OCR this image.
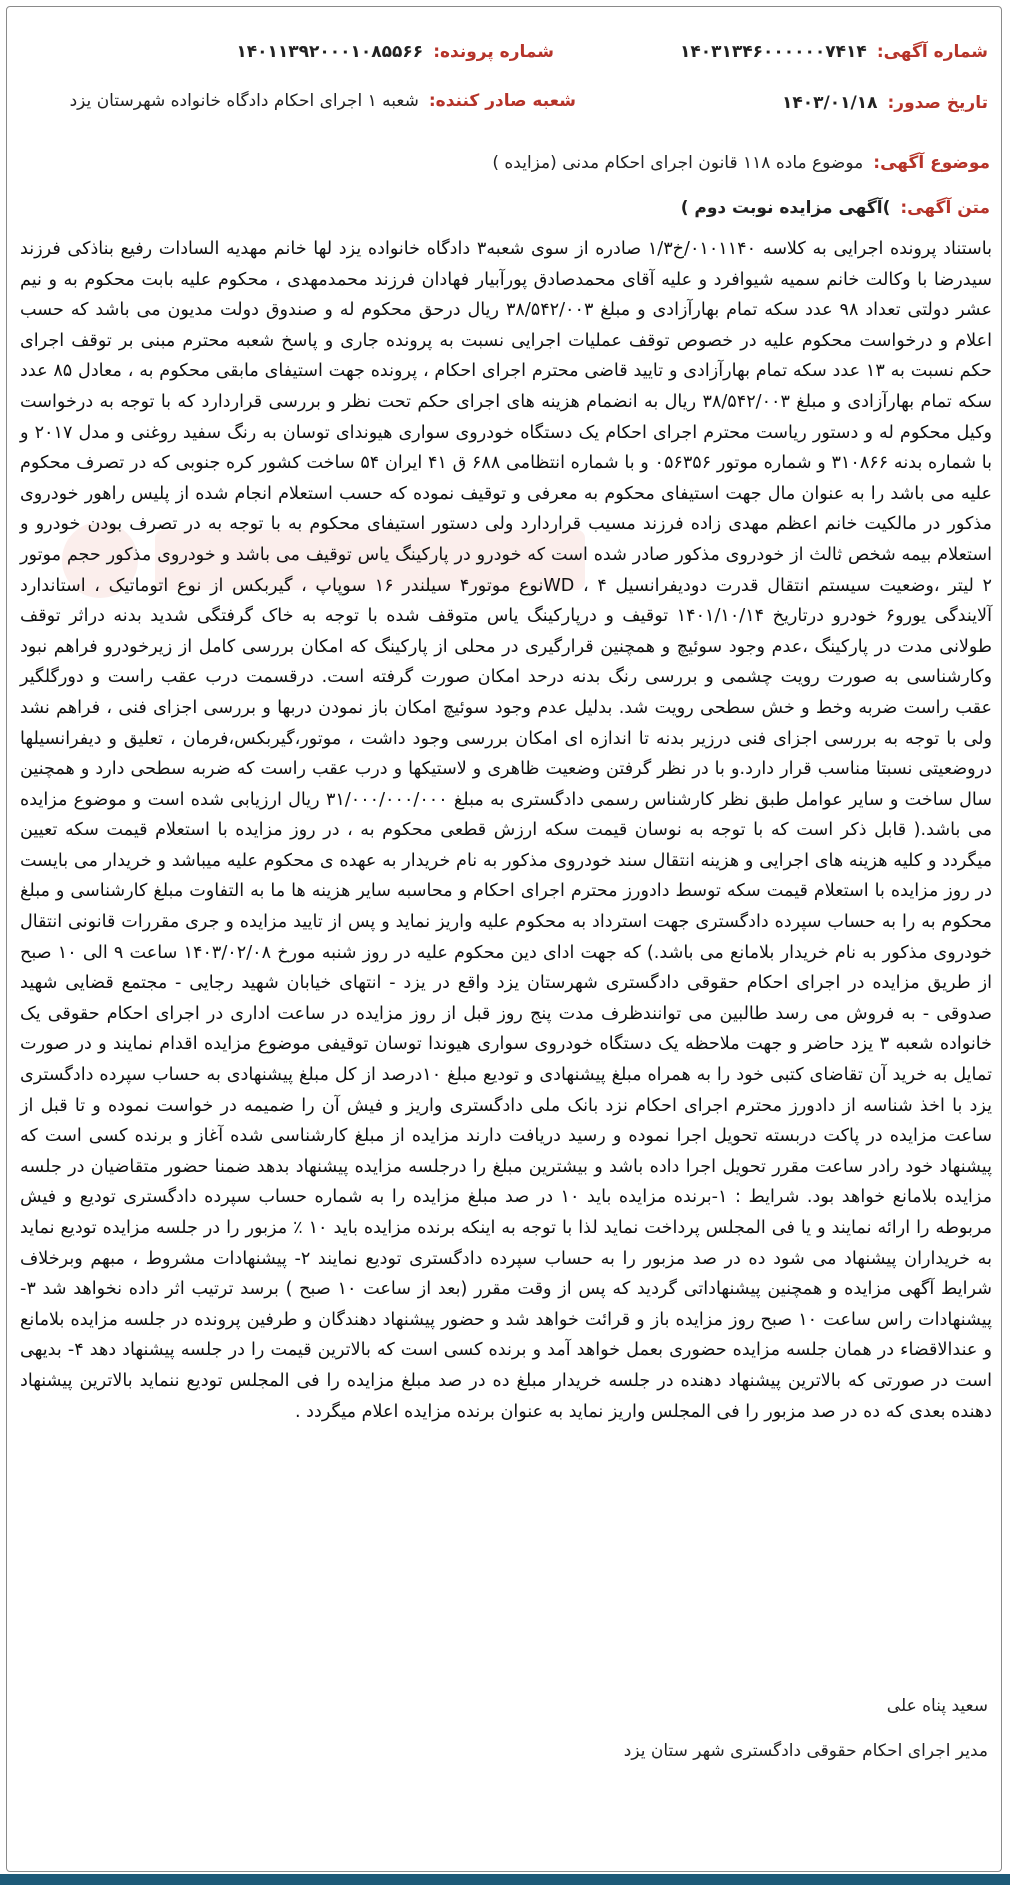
شماره آگهی:۱۴۰۳۱۳۴۶۰۰۰۰۰۰۷۴۱۴
شماره پرونده:۱۴۰۱۱۳۹۲۰۰۰۱۰۸۵۵۶۶
تاریخ صدور:۱۴۰۳/۰۱/۱۸
شعبه صادر کننده:شعبه ۱ اجرای احکام دادگاه خانواده شهرستان یزد
موضوع آگهی:موضوع ماده ۱۱۸ قانون اجرای احکام مدنی (مزایده )
متن آگهی:)آگهی مزایده نوبت دوم )
باستناد پرونده اجرایی به کلاسه ۰۱۰۱۱۴۰/خ۱/۳ صادره از سوی شعبه۳ دادگاه خانواده یزد لها خانم مهدیه السادات رفیع بناذکی فرزند سیدرضا با وکالت خانم سمیه شیوافرد و علیه آقای محمدصادق پورآبیار فهادان فرزند محمدمهدی ، محکوم علیه بابت محکوم به و نیم عشر دولتی تعداد ۹۸ عدد سکه تمام بهارآزادی و مبلغ ۳۸/۵۴۲/۰۰۳ ریال درحق محکوم له و صندوق دولت مدیون می باشد که حسب اعلام و درخواست محکوم علیه در خصوص توقف عملیات اجرایی نسبت به پرونده جاری و پاسخ شعبه محترم مبنی بر توقف اجرای حکم نسبت به ۱۳ عدد سکه تمام بهارآزادی و تایید قاضی محترم اجرای احکام ، پرونده جهت استیفای مابقی محکوم به ، معادل ۸۵ عدد سکه تمام بهارآزادی و مبلغ ۳۸/۵۴۲/۰۰۳ ریال به انضمام هزینه های اجرای حکم تحت نظر و بررسی قراردارد که با توجه به درخواست وکیل محکوم له و دستور ریاست محترم اجرای احکام یک دستگاه خودروی سواری هیوندای توسان به رنگ سفید روغنی و مدل ۲۰۱۷ و با شماره بدنه ۳۱۰۸۶۶ و شماره موتور ۰۵۶۳۵۶ و با شماره انتظامی ۶۸۸ ق ۴۱ ایران ۵۴ ساخت کشور کره جنوبی که در تصرف محکوم علیه می باشد را به عنوان مال جهت استیفای محکوم به معرفی و توقیف نموده که حسب استعلام انجام شده از پلیس راهور خودروی مذکور در مالکیت خانم اعظم مهدی زاده فرزند مسیب قراردارد ولی دستور استیفای محکوم به با توجه به در تصرف بودن خودرو و استعلام بیمه شخص ثالث از خودروی مذکور صادر شده است که خودرو در پارکینگ یاس توقیف می باشد و خودروی مذکور حجم موتور ۲ لیتر ،وضعیت سیستم انتقال قدرت دودیفرانسیل ۴ ، WDنوع موتور۴ سیلندر ۱۶ سوپاپ ، گیربکس از نوع اتوماتیک ، استاندارد آلایندگی یورو۶ خودرو درتاریخ ۱۴۰۱/۱۰/۱۴ توقیف و درپارکینگ یاس متوقف شده با توجه به خاک گرفتگی شدید بدنه دراثر توقف طولانی مدت در پارکینگ ،عدم وجود سوئیچ و همچنین قرارگیری در محلی از پارکینگ که امکان بررسی کامل از زیرخودرو فراهم نبود وکارشناسی به صورت رویت چشمی و بررسی رنگ بدنه درحد امکان صورت گرفته است. درقسمت درب عقب راست و دورگلگیر عقب راست ضربه وخط و خش سطحی رویت شد. بدلیل عدم وجود سوئیچ امکان باز نمودن دربها و بررسی اجزای فنی ، فراهم نشد ولی با توجه به بررسی اجزای فنی درزیر بدنه تا اندازه ای امکان بررسی وجود داشت ، موتور،گیربکس،فرمان ، تعلیق و دیفرانسیلها دروضعیتی نسبتا مناسب قرار دارد.و با در نظر گرفتن وضعیت ظاهری و لاستیکها و درب عقب راست که ضربه سطحی دارد و همچنین سال ساخت و سایر عوامل طبق نظر کارشناس رسمی دادگستری به مبلغ ۳۱/۰۰۰/۰۰۰/۰۰۰ ریال ارزیابی شده است و موضوع مزایده می باشد.( قابل ذکر است که با توجه به نوسان قیمت سکه ارزش قطعی محکوم به ، در روز مزایده با استعلام قیمت سکه تعیین میگردد و کلیه هزینه های اجرایی و هزینه انتقال سند خودروی مذکور به نام خریدار به عهده ی محکوم علیه میباشد و خریدار می بایست در روز مزایده با استعلام قیمت سکه توسط دادورز محترم اجرای احکام و محاسبه سایر هزینه ها ما به التفاوت مبلغ کارشناسی و مبلغ محکوم به را به حساب سپرده دادگستری جهت استرداد به محکوم علیه واریز نماید و پس از تایید مزایده و جری مقررات قانونی انتقال خودروی مذکور به نام خریدار بلامانع می باشد.) که جهت ادای دین محکوم علیه در روز شنبه مورخ ۱۴۰۳/۰۲/۰۸ ساعت ۹ الی ۱۰ صبح از طریق مزایده در اجرای احکام حقوقی دادگستری شهرستان یزد واقع در یزد - انتهای خیابان شهید رجایی - مجتمع قضایی شهید صدوقی - به فروش می رسد طالبین می توانندظرف مدت پنج روز قبل از روز مزایده در ساعت اداری در اجرای احکام حقوقی یک خانواده شعبه ۳ یزد حاضر و جهت ملاحظه یک دستگاه خودروی سواری هیوندا توسان توقیفی موضوع مزایده اقدام نمایند و در صورت تمایل به خرید آن تقاضای کتبی خود را به همراه مبلغ پیشنهادی و تودیع مبلغ ۱۰درصد از کل مبلغ پیشنهادی به حساب سپرده دادگستری یزد با اخذ شناسه از دادورز محترم اجرای احکام نزد بانک ملی دادگستری واریز و فیش آن را ضمیمه در خواست نموده و تا قبل از ساعت مزایده در پاکت دربسته تحویل اجرا نموده و رسید دریافت دارند مزایده از مبلغ کارشناسی شده آغاز و برنده کسی است که پیشنهاد خود رادر ساعت مقرر تحویل اجرا داده باشد و بیشترین مبلغ را درجلسه مزایده پیشنهاد بدهد ضمنا حضور متقاضیان در جلسه مزایده بلامانع خواهد بود. شرایط : ۱-برنده مزایده باید ۱۰ در صد مبلغ مزایده را به شماره حساب سپرده دادگستری تودیع و فیش مربوطه را ارائه نمایند و یا فی المجلس پرداخت نماید لذا با توجه به اینکه برنده مزایده باید ۱۰ ٪ مزبور را در جلسه مزایده تودیع نماید به خریداران پیشنهاد می شود ده در صد مزبور را به حساب سپرده دادگستری تودیع نمایند ۲- پیشنهادات مشروط ، مبهم وبرخلاف شرایط آگهی مزایده و همچنین پیشنهاداتی گردید که پس از وقت مقرر (بعد از ساعت ۱۰ صبح ) برسد ترتیب اثر داده نخواهد شد ۳- پیشنهادات راس ساعت ۱۰ صبح روز مزایده باز و قرائت خواهد شد و حضور پیشنهاد دهندگان و طرفین پرونده در جلسه مزایده بلامانع و عندالاقضاء در همان جلسه مزایده حضوری بعمل خواهد آمد و برنده کسی است که بالاترین قیمت را در جلسه پیشنهاد دهد ۴- بدیهی است در صورتی که بالاترین پیشنهاد دهنده در جلسه خریدار مبلغ ده در صد مبلغ مزایده را فی المجلس تودیع ننماید بالاترین پیشنهاد دهنده بعدی که ده در صد مزبور را فی المجلس واریز نماید به عنوان برنده مزایده اعلام میگردد .
سعید پناه علی
مدیر اجرای احکام حقوقی دادگستری شهر ستان یزد
